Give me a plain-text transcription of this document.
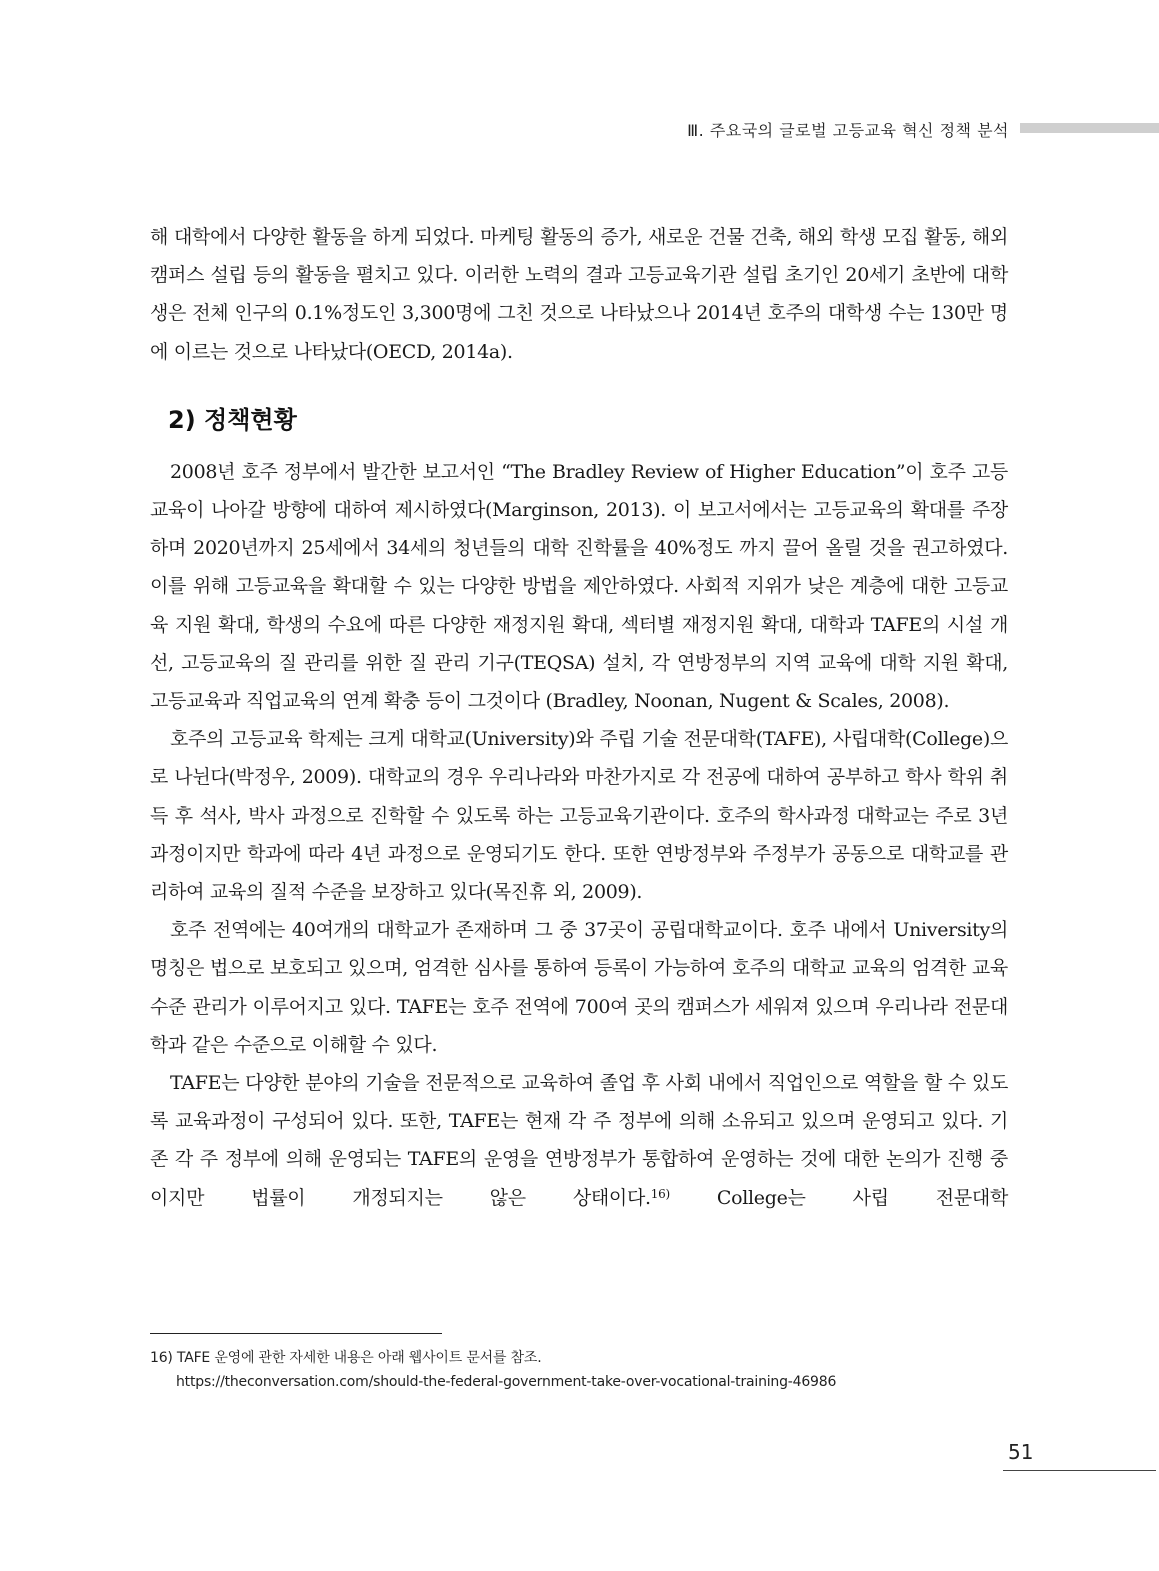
Ⅲ. 주요국의 글로벌 고등교육 혁신 정책 분석

해 대학에서 다양한 활동을 하게 되었다. 마케팅 활동의 증가, 새로운 건물 건축, 해외 학생 모집 활동, 해외 캠퍼스 설립 등의 활동을 펼치고 있다. 이러한 노력의 결과 고등교육기관 설립 초기인 20세기 초반에 대학생은 전체 인구의 0.1%정도인 3,300명에 그친 것으로 나타났으나 2014년 호주의 대학생 수는 130만 명에 이르는 것으로 나타났다(OECD, 2014a).

2) 정책현황

2008년 호주 정부에서 발간한 보고서인 “The Bradley Review of Higher Education”이 호주 고등교육이 나아갈 방향에 대하여 제시하였다(Marginson, 2013). 이 보고서에서는 고등교육의 확대를 주장하며 2020년까지 25세에서 34세의 청년들의 대학 진학률을 40%정도 까지 끌어 올릴 것을 권고하였다. 이를 위해 고등교육을 확대할 수 있는 다양한 방법을 제안하였다. 사회적 지위가 낮은 계층에 대한 고등교육 지원 확대, 학생의 수요에 따른 다양한 재정지원 확대, 섹터별 재정지원 확대, 대학과 TAFE의 시설 개선, 고등교육의 질 관리를 위한 질 관리 기구(TEQSA) 설치, 각 연방정부의 지역 교육에 대학 지원 확대, 고등교육과 직업교육의 연계 확충 등이 그것이다 (Bradley, Noonan, Nugent & Scales, 2008).

호주의 고등교육 학제는 크게 대학교(University)와 주립 기술 전문대학(TAFE), 사립대학(College)으로 나뉜다(박정우, 2009). 대학교의 경우 우리나라와 마찬가지로 각 전공에 대하여 공부하고 학사 학위 취득 후 석사, 박사 과정으로 진학할 수 있도록 하는 고등교육기관이다. 호주의 학사과정 대학교는 주로 3년 과정이지만 학과에 따라 4년 과정으로 운영되기도 한다. 또한 연방정부와 주정부가 공동으로 대학교를 관리하여 교육의 질적 수준을 보장하고 있다(목진휴 외, 2009).

호주 전역에는 40여개의 대학교가 존재하며 그 중 37곳이 공립대학교이다. 호주 내에서 University의 명칭은 법으로 보호되고 있으며, 엄격한 심사를 통하여 등록이 가능하여 호주의 대학교 교육의 엄격한 교육수준 관리가 이루어지고 있다. TAFE는 호주 전역에 700여 곳의 캠퍼스가 세워져 있으며 우리나라 전문대학과 같은 수준으로 이해할 수 있다.

TAFE는 다양한 분야의 기술을 전문적으로 교육하여 졸업 후 사회 내에서 직업인으로 역할을 할 수 있도록 교육과정이 구성되어 있다. 또한, TAFE는 현재 각 주 정부에 의해 소유되고 있으며 운영되고 있다. 기존 각 주 정부에 의해 운영되는 TAFE의 운영을 연방정부가 통합하여 운영하는 것에 대한 논의가 진행 중이지만 법률이 개정되지는 않은 상태이다.$^{16)}$ College는 사립 전문대학

16) TAFE 운영에 관한 자세한 내용은 아래 웹사이트 문서를 참조.
https://theconversation.com/should-the-federal-government-take-over-vocational-training-46986
51
